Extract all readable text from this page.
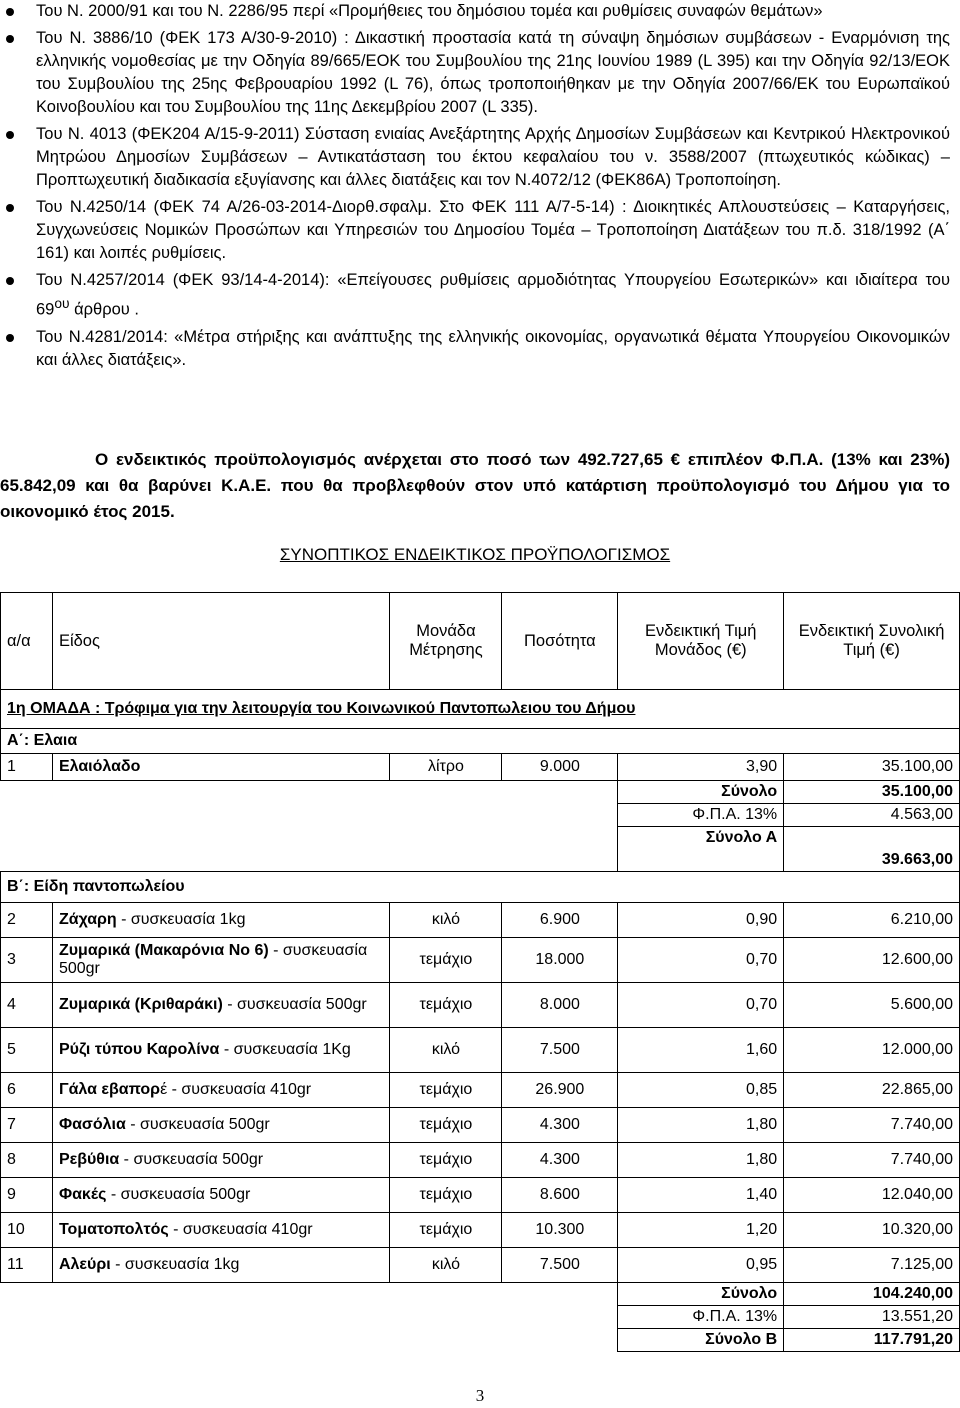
Του Ν. 2000/91 και του Ν. 2286/95 περί «Προμήθειες του δημόσιου τομέα και ρυθμίσεις συναφών θεμάτων»
Του Ν. 3886/10 (ΦΕΚ 173 Α/30-9-2010) : Δικαστική προστασία κατά τη σύναψη δημόσιων συμβάσεων - Εναρμόνιση της ελληνικής νομοθεσίας με την Οδηγία 89/665/ΕΟΚ του Συμβουλίου της 21ης Ιουνίου 1989 (L 395) και την Οδηγία 92/13/ΕΟΚ του Συμβουλίου της 25ης Φεβρουαρίου 1992 (L 76), όπως τροποποιήθηκαν με την Οδηγία 2007/66/ΕΚ του Ευρωπαϊκού Κοινοβουλίου και του Συμβουλίου της 11ης Δεκεμβρίου 2007 (L 335).
Του Ν. 4013 (ΦΕΚ204 Α/15-9-2011) Σύσταση ενιαίας Ανεξάρτητης Αρχής Δημοσίων Συμβάσεων και Κεντρικού Ηλεκτρονικού Μητρώου Δημοσίων Συμβάσεων – Αντικατάσταση του έκτου κεφαλαίου του ν. 3588/2007 (πτωχευτικός κώδικας) – Προπτωχευτική διαδικασία εξυγίανσης και άλλες διατάξεις και τον Ν.4072/12 (ΦΕΚ86Α) Τροποποίηση.
Του Ν.4250/14 (ΦΕΚ 74 Α/26-03-2014-Διορθ.σφαλμ. Στο ΦΕΚ 111 Α/7-5-14) : Διοικητικές Απλουστεύσεις – Καταργήσεις, Συγχωνεύσεις Νομικών Προσώπων και Υπηρεσιών του Δημοσίου Τομέα – Τροποποίηση Διατάξεων του π.δ. 318/1992 (Α΄ 161) και λοιπές ρυθμίσεις.
Του Ν.4257/2014 (ΦΕΚ 93/14-4-2014): «Επείγουσες ρυθμίσεις αρμοδιότητας Υπουργείου Εσωτερικών» και ιδιαίτερα του $69^{o\upsilon}$ άρθρου .
Του Ν.4281/2014: «Μέτρα στήριξης και ανάπτυξης της ελληνικής οικονομίας, οργανωτικά θέματα Υπουργείου Οικονομικών και άλλες διατάξεις».
Ο ενδεικτικός προϋπολογισμός ανέρχεται στο ποσό των 492.727,65 € επιπλέον Φ.Π.Α. (13% και 23%) 65.842,09 και θα βαρύνει Κ.Α.Ε. που θα προβλεφθούν στον υπό κατάρτιση προϋπολογισμό του Δήμου για το οικονομικό έτος 2015.
ΣΥΝΟΠΤΙΚΟΣ ΕΝΔΕΙΚΤΙΚΟΣ ΠΡΟΫΠΟΛΟΓΙΣΜΟΣ
α/α	Είδος	Μονάδα Μέτρησης	Ποσότητα	Ενδεικτική Τιμή Μονάδος (€)	Ενδεικτική Συνολική Τιμή (€)
1η ΟΜΑΔΑ : Τρόφιμα για την λειτουργία του Κοινωνικού Παντοπωλειου του Δήμου					
Α΄: Ελαια					
1	Ελαιόλαδο	λίτρο	9.000	3,90	35.100,00
				Σύνολο	35.100,00
				Φ.Π.Α. 13%	4.563,00
				Σύνολο Α	39.663,00
Β΄: Είδη παντοπωλείου					
2	Ζάχαρη - συσκευασία 1kg	κιλό	6.900	0,90	6.210,00
3	Ζυμαρικά (Μακαρόνια Νο 6) - συσκευασία 500gr	τεμάχιο	18.000	0,70	12.600,00
4	Ζυμαρικά (Κριθαράκι) - συσκευασία 500gr	τεμάχιο	8.000	0,70	5.600,00
5	Ρύζι τύπου Καρολίνα - συσκευασία 1Kg	κιλό	7.500	1,60	12.000,00
6	Γάλα εβαπορέ - συσκευασία 410gr	τεμάχιο	26.900	0,85	22.865,00
7	Φασόλια - συσκευασία 500gr	τεμάχιο	4.300	1,80	7.740,00
8	Ρεβύθια - συσκευασία 500gr	τεμάχιο	4.300	1,80	7.740,00
9	Φακές - συσκευασία 500gr	τεμάχιο	8.600	1,40	12.040,00
10	Τοματοπολτός - συσκευασία 410gr	τεμάχιο	10.300	1,20	10.320,00
11	Αλεύρι - συσκευασία 1kg	κιλό	7.500	0,95	7.125,00
				Σύνολο	104.240,00
				Φ.Π.Α. 13%	13.551,20
				Σύνολο Β	117.791,20
3
